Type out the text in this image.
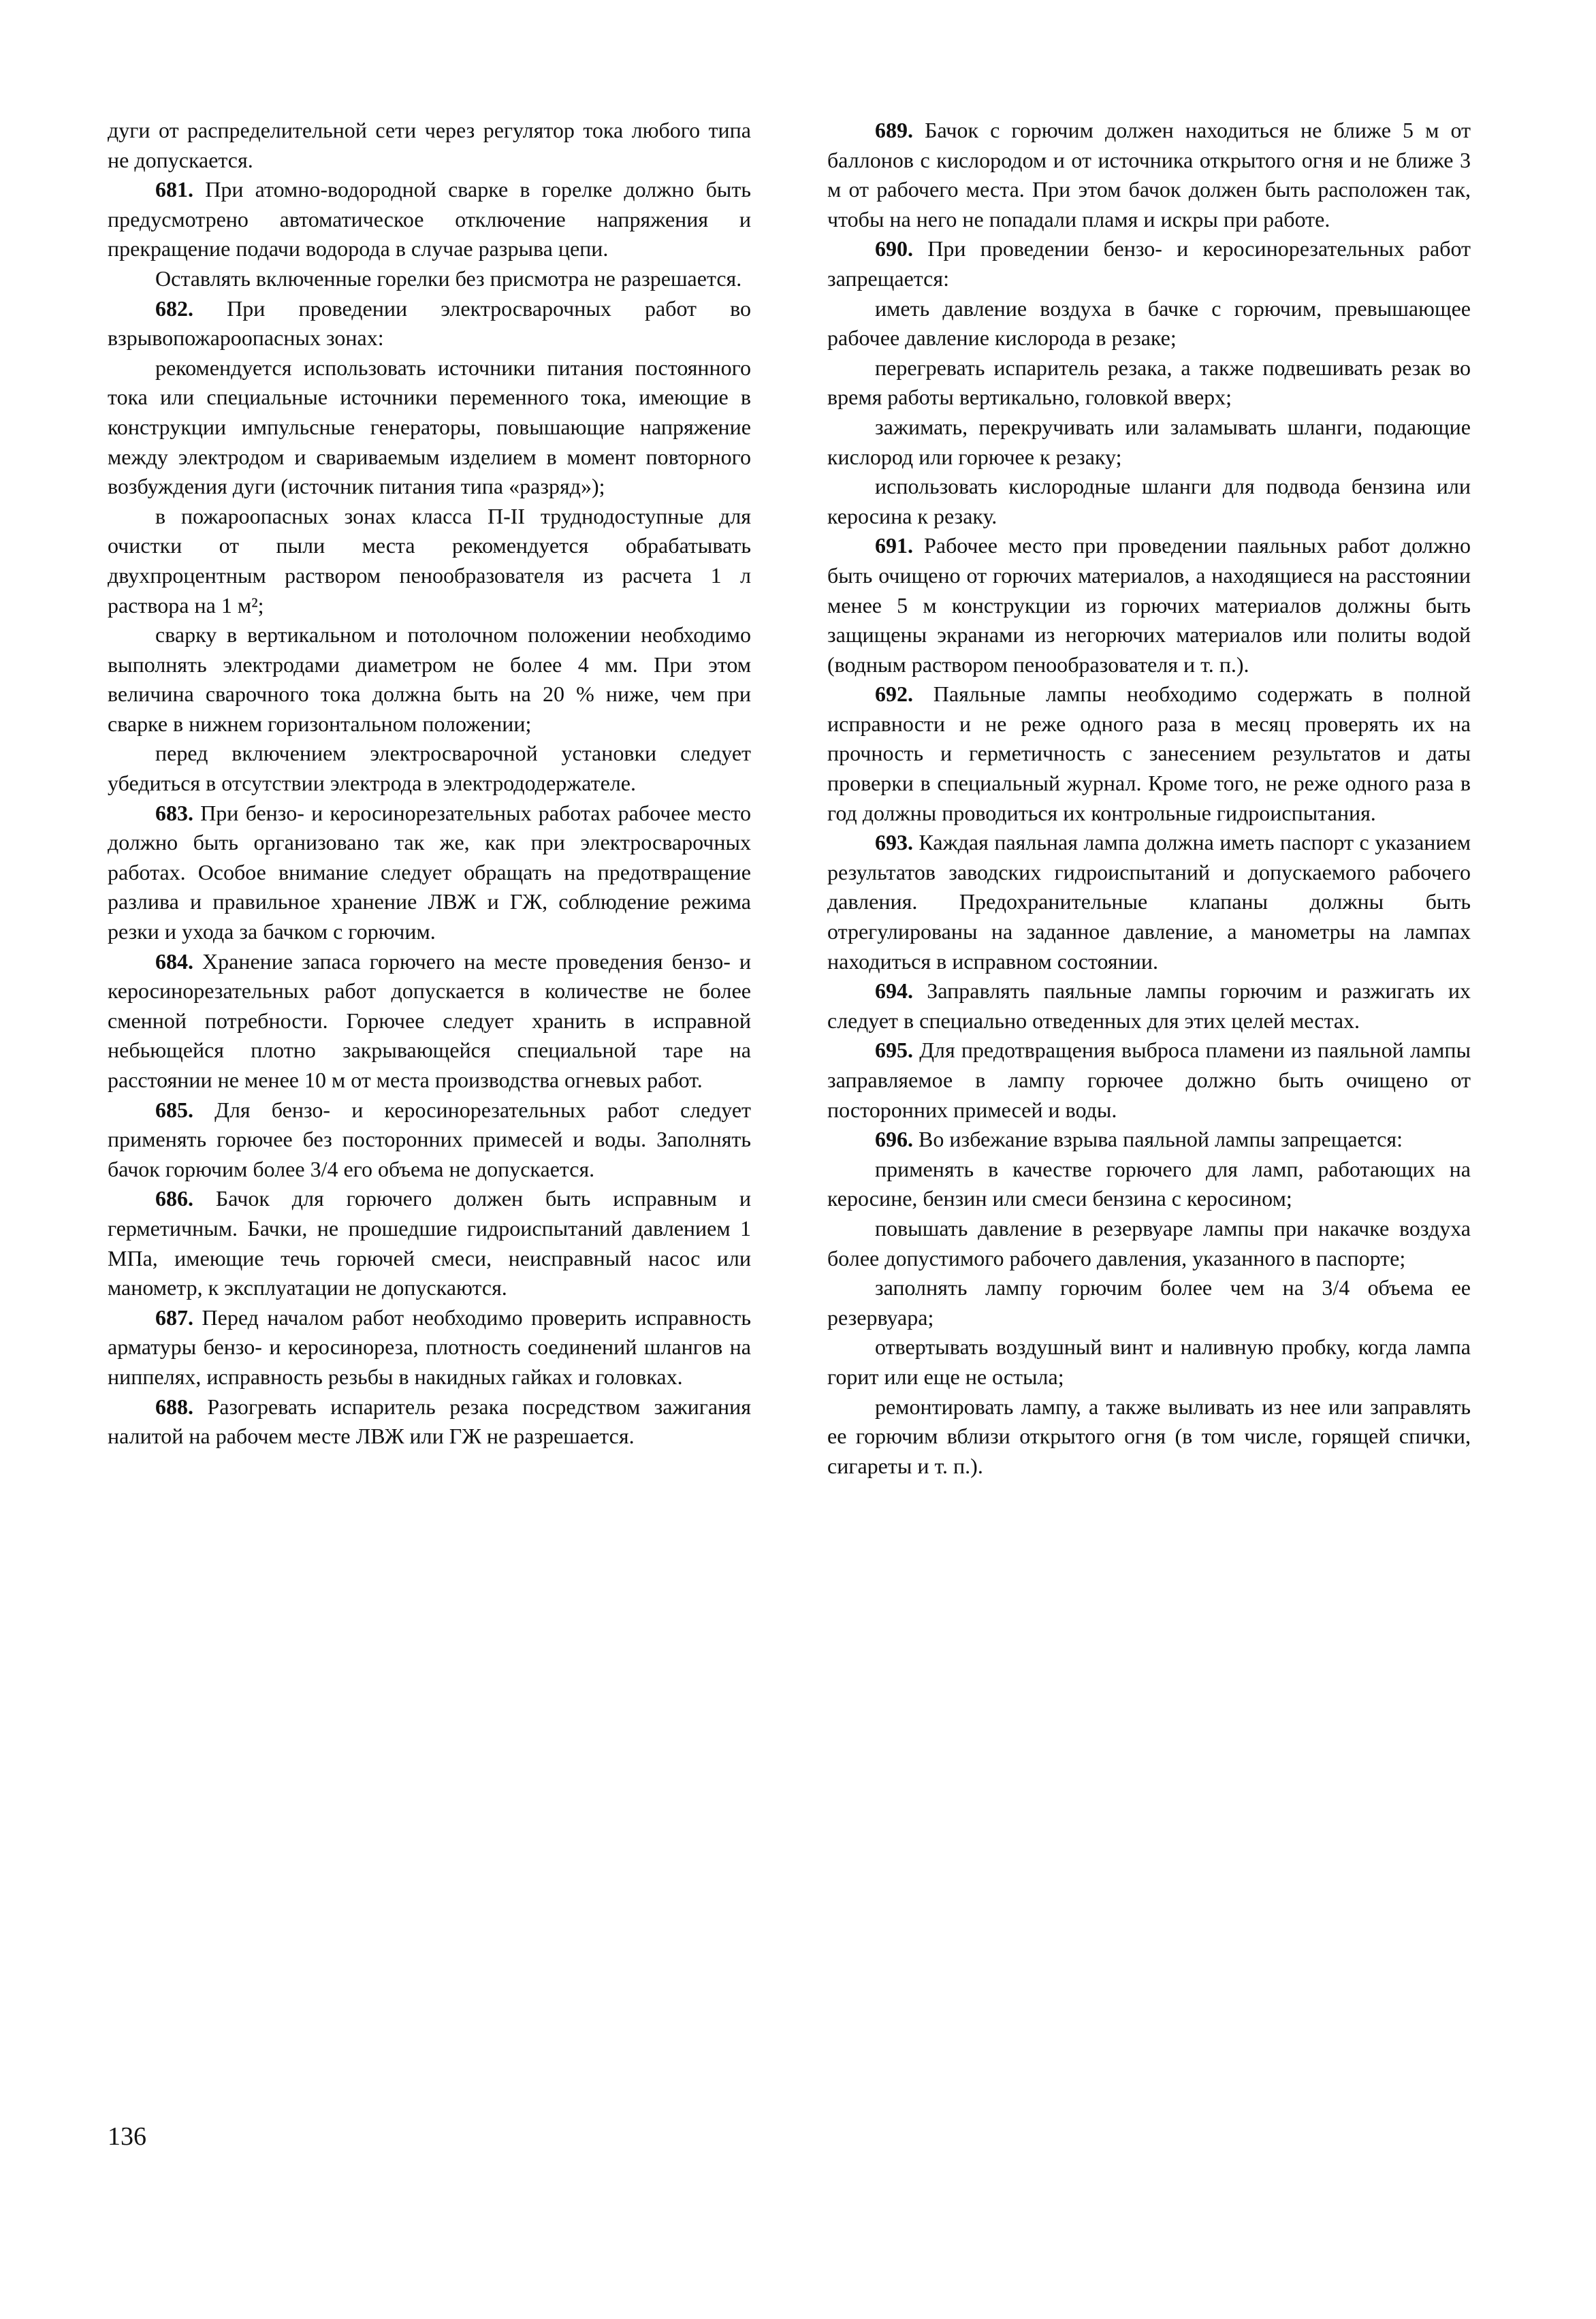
дуги от распределительной сети через регулятор тока любого типа не допускается.

681. При атомно-водородной сварке в горелке должно быть предусмотрено автоматическое отключение напряжения и прекращение подачи водорода в случае разрыва цепи.

Оставлять включенные горелки без присмотра не разрешается.

682. При проведении электросварочных работ во взрывопожароопасных зонах:

рекомендуется использовать источники питания постоянного тока или специальные источники переменного тока, имеющие в конструкции импульсные генераторы, повышающие напряжение между электродом и свариваемым изделием в момент повторного возбуждения дуги (источник питания типа «разряд»);

в пожароопасных зонах класса П-II труднодоступные для очистки от пыли места рекомендуется обрабатывать двухпроцентным раствором пенообразователя из расчета 1 л раствора на 1 м²;

сварку в вертикальном и потолочном положении необходимо выполнять электродами диаметром не более 4 мм. При этом величина сварочного тока должна быть на 20 % ниже, чем при сварке в нижнем горизонтальном положении;

перед включением электросварочной установки следует убедиться в отсутствии электрода в электрододержателе.

683. При бензо- и керосинорезательных работах рабочее место должно быть организовано так же, как при электросварочных работах. Особое внимание следует обращать на предотвращение разлива и правильное хранение ЛВЖ и ГЖ, соблюдение режима резки и ухода за бачком с горючим.

684. Хранение запаса горючего на месте проведения бензо- и керосинорезательных работ допускается в количестве не более сменной потребности. Горючее следует хранить в исправной небьющейся плотно закрывающейся специальной таре на расстоянии не менее 10 м от места производства огневых работ.

685. Для бензо- и керосинорезательных работ следует применять горючее без посторонних примесей и воды. Заполнять бачок горючим более 3/4 его объема не допускается.

686. Бачок для горючего должен быть исправным и герметичным. Бачки, не прошедшие гидроиспытаний давлением 1 МПа, имеющие течь горючей смеси, неисправный насос или манометр, к эксплуатации не допускаются.

687. Перед началом работ необходимо проверить исправность арматуры бензо- и керосинореза, плотность соединений шлангов на ниппелях, исправность резьбы в накидных гайках и головках.

688. Разогревать испаритель резака посредством зажигания налитой на рабочем месте ЛВЖ или ГЖ не разрешается.

689. Бачок с горючим должен находиться не ближе 5 м от баллонов с кислородом и от источника открытого огня и не ближе 3 м от рабочего места. При этом бачок должен быть расположен так, чтобы на него не попадали пламя и искры при работе.

690. При проведении бензо- и керосинорезательных работ запрещается:

иметь давление воздуха в бачке с горючим, превышающее рабочее давление кислорода в резаке;

перегревать испаритель резака, а также подвешивать резак во время работы вертикально, головкой вверх;

зажимать, перекручивать или заламывать шланги, подающие кислород или горючее к резаку;

использовать кислородные шланги для подвода бензина или керосина к резаку.

691. Рабочее место при проведении паяльных работ должно быть очищено от горючих материалов, а находящиеся на расстоянии менее 5 м конструкции из горючих материалов должны быть защищены экранами из негорючих материалов или политы водой (водным раствором пенообразователя и т. п.).

692. Паяльные лампы необходимо содержать в полной исправности и не реже одного раза в месяц проверять их на прочность и герметичность с занесением результатов и даты проверки в специальный журнал. Кроме того, не реже одного раза в год должны проводиться их контрольные гидроиспытания.

693. Каждая паяльная лампа должна иметь паспорт с указанием результатов заводских гидроиспытаний и допускаемого рабочего давления. Предохранительные клапаны должны быть отрегулированы на заданное давление, а манометры на лампах находиться в исправном состоянии.

694. Заправлять паяльные лампы горючим и разжигать их следует в специально отведенных для этих целей местах.

695. Для предотвращения выброса пламени из паяльной лампы заправляемое в лампу горючее должно быть очищено от посторонних примесей и воды.

696. Во избежание взрыва паяльной лампы запрещается:

применять в качестве горючего для ламп, работающих на керосине, бензин или смеси бензина с керосином;

повышать давление в резервуаре лампы при накачке воздуха более допустимого рабочего давления, указанного в паспорте;

заполнять лампу горючим более чем на 3/4 объема ее резервуара;

отвертывать воздушный винт и наливную пробку, когда лампа горит или еще не остыла;

ремонтировать лампу, а также выливать из нее или заправлять ее горючим вблизи открытого огня (в том числе, горящей спички, сигареты и т. п.).

136
